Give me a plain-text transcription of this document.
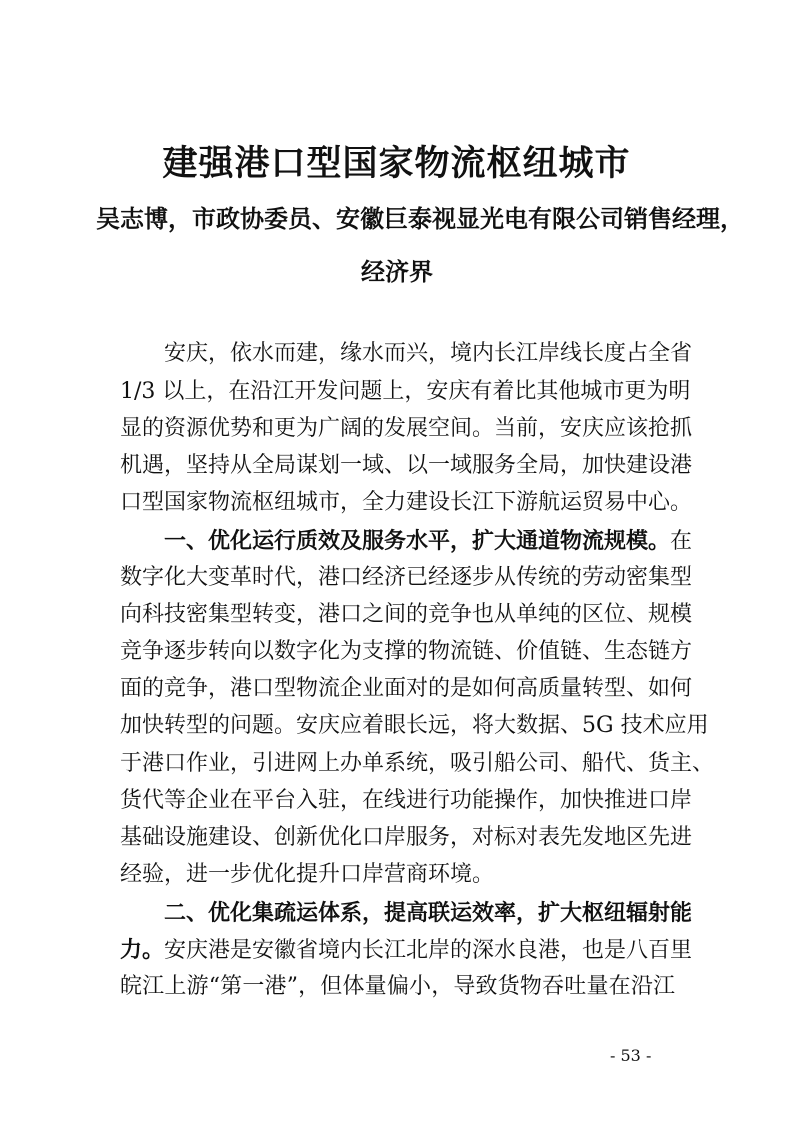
建强港口型国家物流枢纽城市
吴志博，市政协委员、安徽巨泰视显光电有限公司销售经理，
经济界
安庆，依水而建，缘水而兴，境内长江岸线长度占全省
1/3 以上，在沿江开发问题上，安庆有着比其他城市更为明
显的资源优势和更为广阔的发展空间。当前，安庆应该抢抓
机遇，坚持从全局谋划一域、以一域服务全局，加快建设港
口型国家物流枢纽城市，全力建设长江下游航运贸易中心。
一、优化运行质效及服务水平，扩大通道物流规模。在
数字化大变革时代，港口经济已经逐步从传统的劳动密集型
向科技密集型转变，港口之间的竞争也从单纯的区位、规模
竞争逐步转向以数字化为支撑的物流链、价值链、生态链方
面的竞争，港口型物流企业面对的是如何高质量转型、如何
加快转型的问题。安庆应着眼长远，将大数据、5G 技术应用
于港口作业，引进网上办单系统，吸引船公司、船代、货主、
货代等企业在平台入驻，在线进行功能操作，加快推进口岸
基础设施建设、创新优化口岸服务，对标对表先发地区先进
经验，进一步优化提升口岸营商环境。
二、优化集疏运体系，提高联运效率，扩大枢纽辐射能
力。安庆港是安徽省境内长江北岸的深水良港，也是八百里
皖江上游“第一港”，但体量偏小，导致货物吞吐量在沿江
- 53 -
